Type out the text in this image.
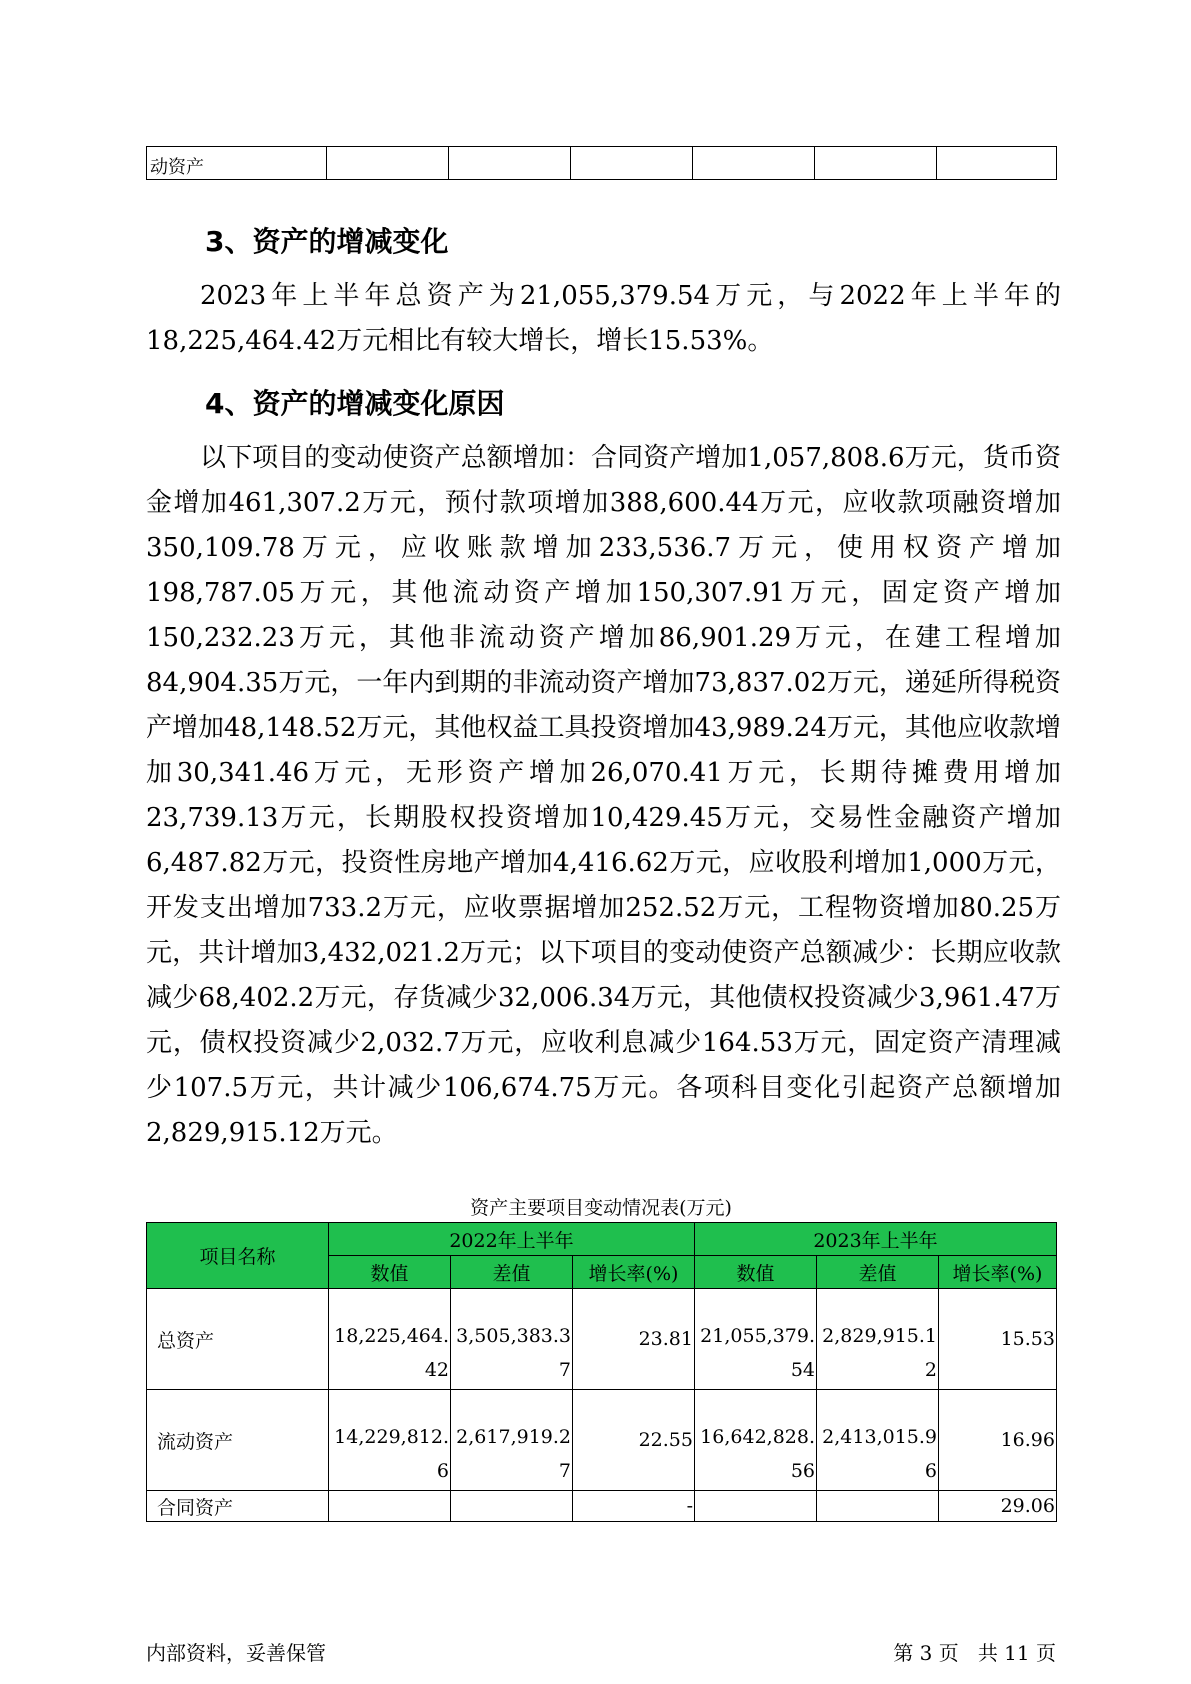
动资产						
3、资产的增减变化

2023年上半年总资产为21,055,379.54万元，与2022年上半年的18,225,464.42万元相比有较大增长，增长15.53%。

4、资产的增减变化原因

以下项目的变动使资产总额增加：合同资产增加1,057,808.6万元，货币资金增加461,307.2万元，预付款项增加388,600.44万元，应收款项融资增加350,109.78万元，应收账款增加233,536.7万元，使用权资产增加198,787.05万元，其他流动资产增加150,307.91万元，固定资产增加150,232.23万元，其他非流动资产增加86,901.29万元，在建工程增加84,904.35万元，一年内到期的非流动资产增加73,837.02万元，递延所得税资产增加48,148.52万元，其他权益工具投资增加43,989.24万元，其他应收款增加30,341.46万元，无形资产增加26,070.41万元，长期待摊费用增加23,739.13万元，长期股权投资增加10,429.45万元，交易性金融资产增加6,487.82万元，投资性房地产增加4,416.62万元，应收股利增加1,000万元，开发支出增加733.2万元，应收票据增加252.52万元，工程物资增加80.25万元，共计增加3,432,021.2万元；以下项目的变动使资产总额减少：长期应收款减少68,402.2万元，存货减少32,006.34万元，其他债权投资减少3,961.47万元，债权投资减少2,032.7万元，应收利息减少164.53万元，固定资产清理减少107.5万元，共计减少106,674.75万元。各项科目变化引起资产总额增加2,829,915.12万元。

资产主要项目变动情况表(万元)
项目名称	2022年上半年			2023年上半年		
	数值	差值	增长率(%)	数值	差值	增长率(%)
总资产	18,225,464.42	3,505,383.37	23.81	21,055,379.54	2,829,915.12	15.53
流动资产	14,229,812.6	2,617,919.27	22.55	16,642,828.56	2,413,015.96	16.96
合同资产			-			29.06
内部资料，妥善保管	第 3 页   共 11 页
